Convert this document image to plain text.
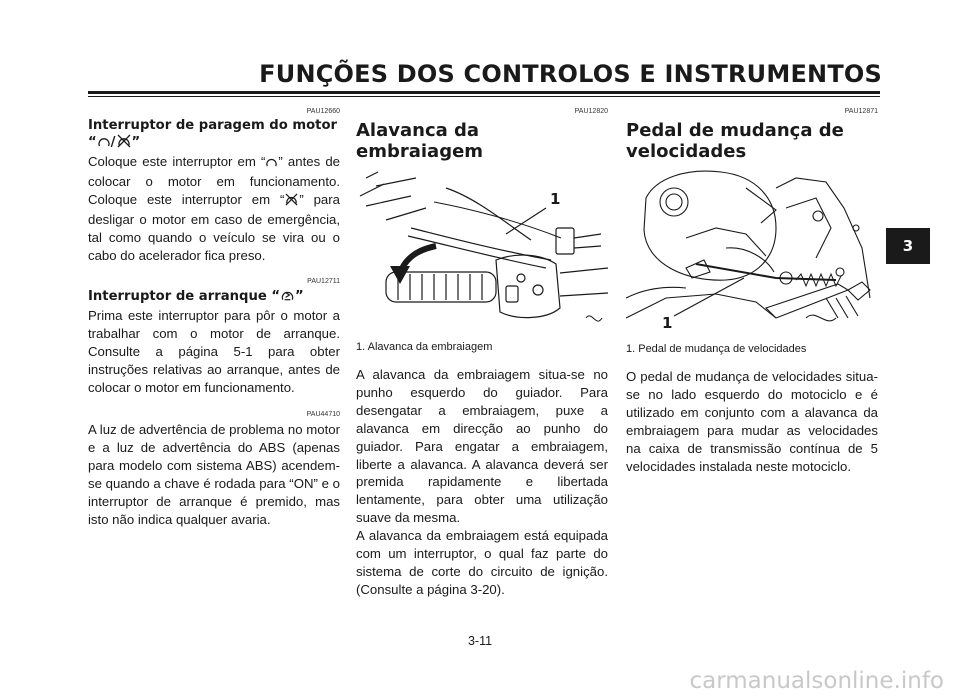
FUNÇÕES DOS CONTROLOS E INSTRUMENTOS
3
PAU12660
Interruptor de paragem do motor
“ / ”
Coloque este interruptor em “ ” antes de colocar o motor em funcionamento. Coloque este interruptor em “ ” para desligar o motor em caso de emergência, tal como quando o veículo se vira ou o cabo do acelerador fica preso.
PAU12711
Interruptor de arranque “ ”
Prima este interruptor para pôr o motor a trabalhar com o motor de arranque. Consulte a página 5-1 para obter instruções relativas ao arranque, antes de colocar o motor em funcionamento.
PAU44710
A luz de advertência de problema no motor e a luz de advertência do ABS (apenas para modelo com sistema ABS) acendem-se quando a chave é rodada para “ON” e o interruptor de arranque é premido, mas isto não indica qualquer avaria.
PAU12820
Alavanca da embraiagem
1
1. Alavanca da embraiagem
A alavanca da embraiagem situa-se no punho esquerdo do guiador. Para desengatar a embraiagem, puxe a alavanca em direcção ao punho do guiador. Para engatar a embraiagem, liberte a alavanca. A alavanca deverá ser premida rapidamente e libertada lentamente, para obter uma utilização suave da mesma.
A alavanca da embraiagem está equipada com um interruptor, o qual faz parte do sistema de corte do circuito de ignição. (Consulte a página 3-20).
PAU12871
Pedal de mudança de
velocidades
1
1. Pedal de mudança de velocidades
O pedal de mudança de velocidades situa-se no lado esquerdo do motociclo e é utilizado em conjunto com a alavanca da embraiagem para mudar as velocidades na caixa de transmissão contínua de 5 velocidades instalada neste motociclo.
3-11
carmanualsonline.info
